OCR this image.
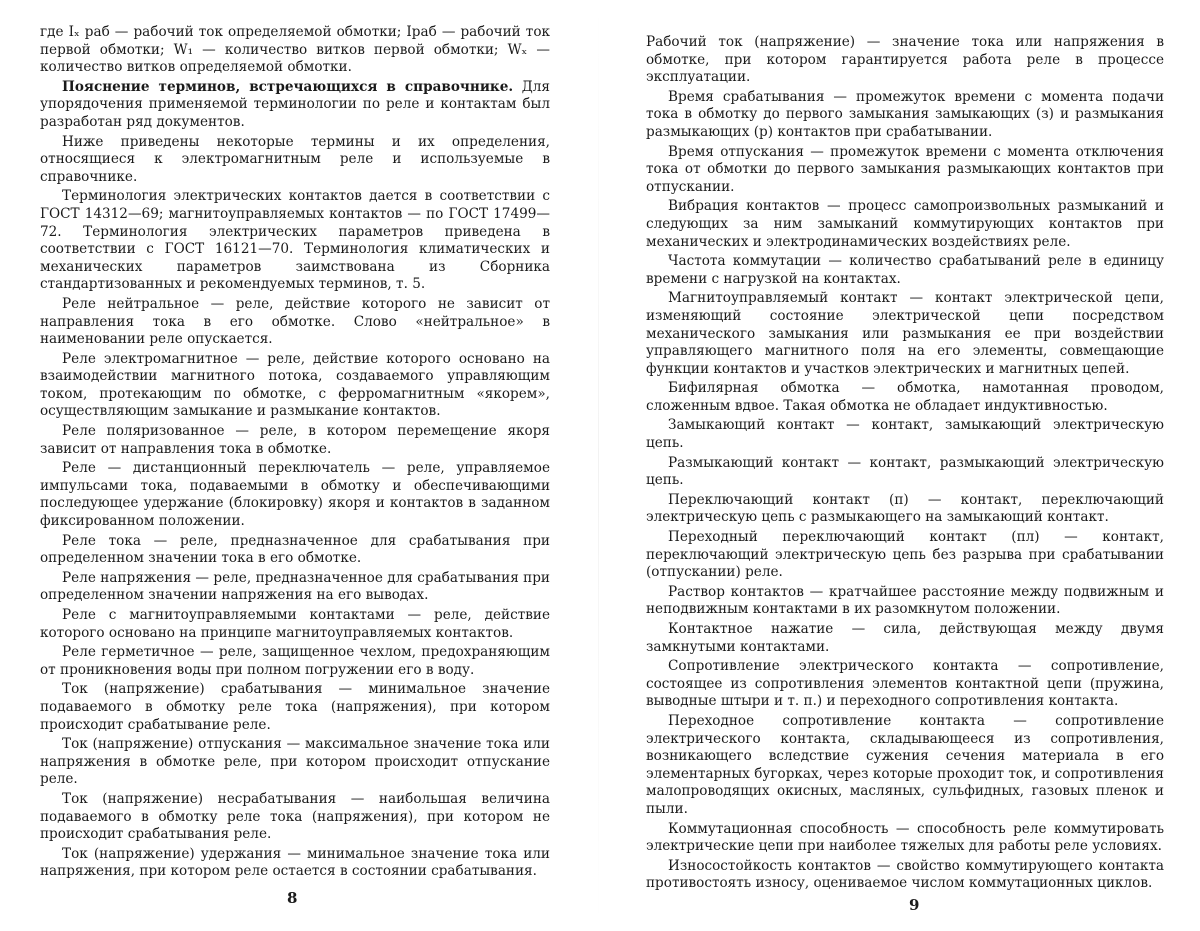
где Iₓ раб — рабочий ток определяемой обмотки; Iраб — рабочий ток первой обмотки; W₁ — количество витков первой обмотки; Wₓ — количество витков определяемой обмотки.

Пояснение терминов, встречающихся в справочнике. Для упорядочения применяемой терминологии по реле и контактам был разработан ряд документов.

Ниже приведены некоторые термины и их определения, относящиеся к электромагнитным реле и используемые в справочнике.

Терминология электрических контактов дается в соответствии с ГОСТ 14312—69; магнитоуправляемых контактов — по ГОСТ 17499—72. Терминология электрических параметров приведена в соответствии с ГОСТ 16121—70. Терминология климатических и механических параметров заимствована из Сборника стандартизованных и рекомендуемых терминов, т. 5.

Реле нейтральное — реле, действие которого не зависит от направления тока в его обмотке. Слово «нейтральное» в наименовании реле опускается.

Реле электромагнитное — реле, действие которого основано на взаимодействии магнитного потока, создаваемого управляющим током, протекающим по обмотке, с ферромагнитным «якорем», осуществляющим замыкание и размыкание контактов.

Реле поляризованное — реле, в котором перемещение якоря зависит от направления тока в обмотке.

Реле — дистанционный переключатель — реле, управляемое импульсами тока, подаваемыми в обмотку и обеспечивающими последующее удержание (блокировку) якоря и контактов в заданном фиксированном положении.

Реле тока — реле, предназначенное для срабатывания при определенном значении тока в его обмотке.

Реле напряжения — реле, предназначенное для срабатывания при определенном значении напряжения на его выводах.

Реле с магнитоуправляемыми контактами — реле, действие которого основано на принципе магнитоуправляемых контактов.

Реле герметичное — реле, защищенное чехлом, предохраняющим от проникновения воды при полном погружении его в воду.

Ток (напряжение) срабатывания — минимальное значение подаваемого в обмотку реле тока (напряжения), при котором происходит срабатывание реле.

Ток (напряжение) отпускания — максимальное значение тока или напряжения в обмотке реле, при котором происходит отпускание реле.

Ток (напряжение) несрабатывания — наибольшая величина подаваемого в обмотку реле тока (напряжения), при котором не происходит срабатывания реле.

Ток (напряжение) удержания — минимальное значение тока или напряжения, при котором реле остается в состоянии срабатывания.

Рабочий ток (напряжение) — значение тока или напряжения в обмотке, при котором гарантируется работа реле в процессе эксплуатации.

Время срабатывания — промежуток времени с момента подачи тока в обмотку до первого замыкания замыкающих (з) и размыкания размыкающих (р) контактов при срабатывании.

Время отпускания — промежуток времени с момента отключения тока от обмотки до первого замыкания размыкающих контактов при отпускании.

Вибрация контактов — процесс самопроизвольных размыканий и следующих за ним замыканий коммутирующих контактов при механических и электродинамических воздействиях реле.

Частота коммутации — количество срабатываний реле в единицу времени с нагрузкой на контактах.

Магнитоуправляемый контакт — контакт электрической цепи, изменяющий состояние электрической цепи посредством механического замыкания или размыкания ее при воздействии управляющего магнитного поля на его элементы, совмещающие функции контактов и участков электрических и магнитных цепей.

Бифилярная обмотка — обмотка, намотанная проводом, сложенным вдвое. Такая обмотка не обладает индуктивностью.

Замыкающий контакт — контакт, замыкающий электрическую цепь.

Размыкающий контакт — контакт, размыкающий электрическую цепь.

Переключающий контакт (п) — контакт, переключающий электрическую цепь с размыкающего на замыкающий контакт.

Переходный переключающий контакт (пл) — контакт, переключающий электрическую цепь без разрыва при срабатывании (отпускании) реле.

Раствор контактов — кратчайшее расстояние между подвижным и неподвижным контактами в их разомкнутом положении.

Контактное нажатие — сила, действующая между двумя замкнутыми контактами.

Сопротивление электрического контакта — сопротивление, состоящее из сопротивления элементов контактной цепи (пружина, выводные штыри и т. п.) и переходного сопротивления контакта.

Переходное сопротивление контакта — сопротивление электрического контакта, складывающееся из сопротивления, возникающего вследствие сужения сечения материала в его элементарных бугорках, через которые проходит ток, и сопротивления малопроводящих окисных, масляных, сульфидных, газовых пленок и пыли.

Коммутационная способность — способность реле коммутировать электрические цепи при наиболее тяжелых для работы реле условиях.

Износостойкость контактов — свойство коммутирующего контакта противостоять износу, оцениваемое числом коммутационных циклов.

8	9
